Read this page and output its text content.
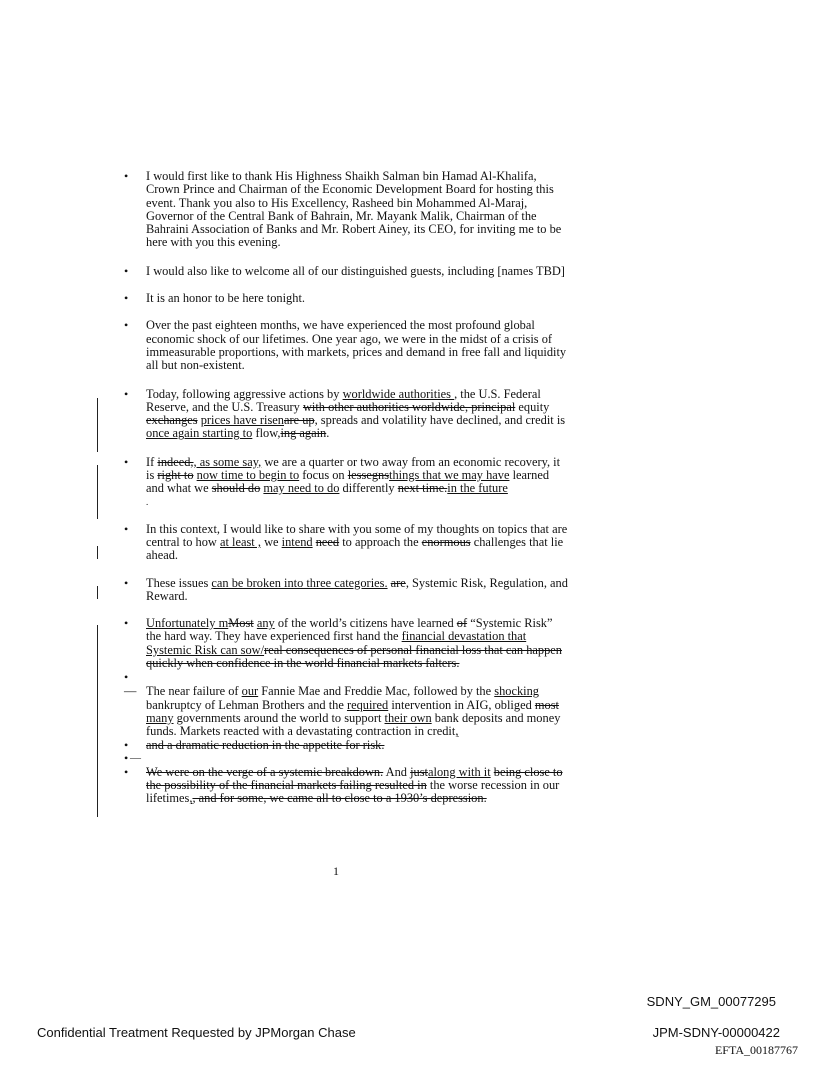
•	I would first like to thank His Highness Shaikh Salman bin Hamad Al-Khalifa, Crown Prince and Chairman of the Economic Development Board for hosting this event. Thank you also to His Excellency, Rasheed bin Mohammed Al-Maraj, Governor of the Central Bank of Bahrain, Mr. Mayank Malik, Chairman of the Bahraini Association of Banks and Mr. Robert Ainey, its CEO, for inviting me to be here with you this evening.
•	I would also like to welcome all of our distinguished guests, including [names TBD]
•	It is an honor to be here tonight.
•	Over the past eighteen months, we have experienced the most profound global economic shock of our lifetimes. One year ago, we were in the midst of a crisis of immeasurable proportions, with markets, prices and demand in free fall and liquidity all but non-existent.
•	Today, following aggressive actions by worldwide authorities , the U.S. Federal Reserve, and the U.S. Treasury with other authorities worldwide, principal equity exchanges prices have risenare up, spreads and volatility have declined, and credit is once again starting to flow,ing again.
•	If indeed,, as some say, we are a quarter or two away from an economic recovery, it is right to now time to begin to focus on lessegnsthings that we may have learned and what we should do may need to do differently next time.in the future
.
•	In this context, I would like to share with you some of my thoughts on topics that are central to how at least , we intend need to approach the enormous challenges that lie ahead.
•	These issues can be broken into three categories. are, Systemic Risk, Regulation, and Reward.
•	Unfortunately mMost any of the world’s citizens have learned of “Systemic Risk” the hard way. They have experienced first hand the financial devastation that Systemic Risk can sow/real consequences of personal financial loss that can happen quickly when confidence in the world financial markets falters.
•
— The near failure of our Fannie Mae and Freddie Mac, followed by the shocking bankruptcy of Lehman Brothers and the required intervention in AIG, obliged most many governments around the world to support their own bank deposits and money funds. Markets reacted with a devastating contraction in credit,
•	and a dramatic reduction in the appetite for risk.
• —
•	We were on the verge of a systemic breakdown. And justalong with it being close to the possibility of the financial markets failing resulted in the worse recession in our lifetimes,, and for some, we came all to close to a 1930’s depression.
1
SDNY_GM_00077295
Confidential Treatment Requested by JPMorgan Chase	JPM-SDNY-00000422
EFTA_00187767
